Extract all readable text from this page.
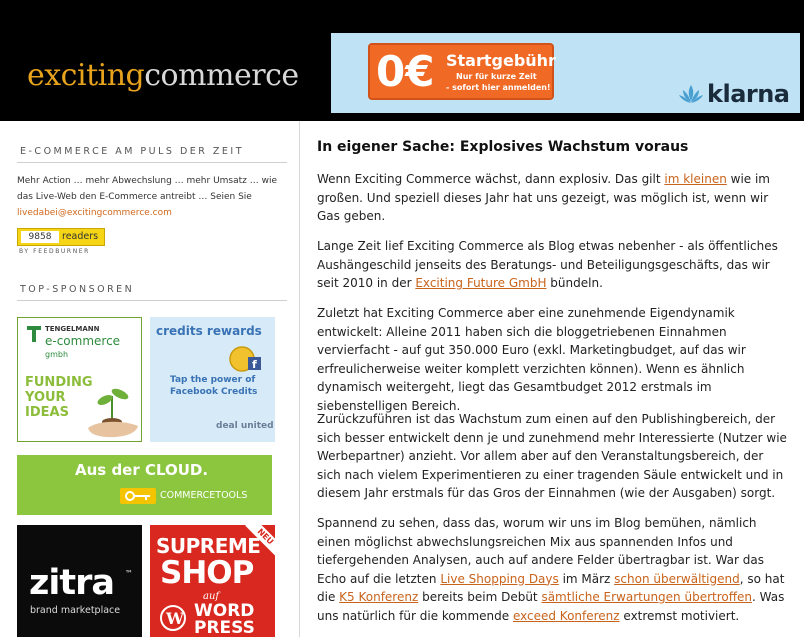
excitingcommerce 0€ Startgebühr
Nur für kurze Zeit
- sofort hier anmelden!	klarna
E-COMMERCE AM PULS DER ZEIT
Mehr Action … mehr Abwechslung … mehr Umsatz … wie das Live-Web den E-Commerce antreibt … Seien Sie
livedabei@excitingcommerce.com
9858	readers
BY FEEDBURNER
TOP-SPONSOREN
TENGELMANN
e-commerce
gmbh
FUNDING
YOUR
IDEAS
credits rewards
f
Tap the power of
Facebook Credits
deal united
Aus der CLOUD.
COMMERCETOOLS
zitra ™
brand marketplace
SUPREME
SHOP
auf
W WORD
PRESS
NEU
In eigener Sache: Explosives Wachstum voraus

Wenn Exciting Commerce wächst, dann explosiv. Das gilt im kleinen wie im großen. Und speziell dieses Jahr hat uns gezeigt, was möglich ist, wenn wir Gas geben.

Lange Zeit lief Exciting Commerce als Blog etwas nebenher - als öffentliches Aushängeschild jenseits des Beratungs- und Beteiligungsgeschäfts, das wir seit 2010 in der Exciting Future GmbH bündeln.

Zuletzt hat Exciting Commerce aber eine zunehmende Eigendynamik entwickelt: Alleine 2011 haben sich die bloggetriebenen Einnahmen vervierfacht - auf gut 350.000 Euro (exkl. Marketingbudget, auf das wir erfreulicherweise weiter komplett verzichten können). Wenn es ähnlich dynamisch weitergeht, liegt das Gesamtbudget 2012 erstmals im siebenstelligen Bereich.

Zurückzuführen ist das Wachstum zum einen auf den Publishingbereich, der sich besser entwickelt denn je und zunehmend mehr Interessierte (Nutzer wie Werbepartner) anzieht. Vor allem aber auf den Veranstaltungsbereich, der sich nach vielem Experimentieren zu einer tragenden Säule entwickelt und in diesem Jahr erstmals für das Gros der Einnahmen (wie der Ausgaben) sorgt.

Spannend zu sehen, dass das, worum wir uns im Blog bemühen, nämlich einen möglichst abwechslungsreichen Mix aus spannenden Infos und tiefergehenden Analysen, auch auf andere Felder übertragbar ist. War das Echo auf die letzten Live Shopping Days im März schon überwältigend, so hat die K5 Konferenz bereits beim Debüt sämtliche Erwartungen übertroffen. Was uns natürlich für die kommende exceed Konferenz extremst motiviert.
